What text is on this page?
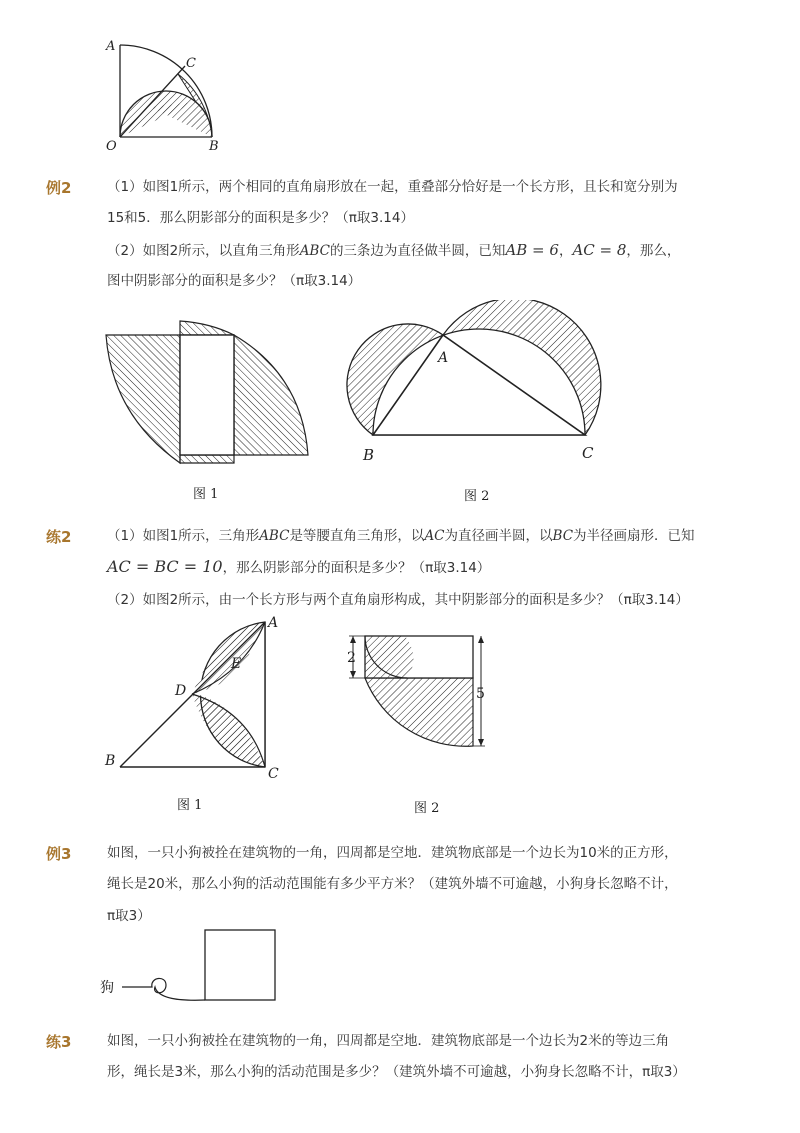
A
C
O	B
例2	（1）如图1所示，两个相同的直角扇形放在一起，重叠部分恰好是一个长方形，且长和宽分别为
15和5．那么阴影部分的面积是多少？（π取3.14）
（2）如图2所示，以直角三角形ABC的三条边为直径做半圆，已知AB = 6，AC = 8，那么，
图中阴影部分的面积是多少？（π取3.14）
图 1
A
B	C
图 2
练2	（1）如图1所示，三角形ABC是等腰直角三角形，以AC为直径画半圆，以BC为半径画扇形．已知
AC = BC = 10，那么阴影部分的面积是多少？（π取3.14）
（2）如图2所示，由一个长方形与两个直角扇形构成，其中阴影部分的面积是多少？（π取3.14）
A
B
C
D
E
图 1
2
5
图 2
例3	如图，一只小狗被拴在建筑物的一角，四周都是空地．建筑物底部是一个边长为10米的正方形，
绳长是20米，那么小狗的活动范围能有多少平方米？（建筑外墙不可逾越，小狗身长忽略不计，
π取3）
狗
练3	如图，一只小狗被拴在建筑物的一角，四周都是空地．建筑物底部是一个边长为2米的等边三角
形，绳长是3米，那么小狗的活动范围是多少？（建筑外墙不可逾越，小狗身长忽略不计，π取3）
